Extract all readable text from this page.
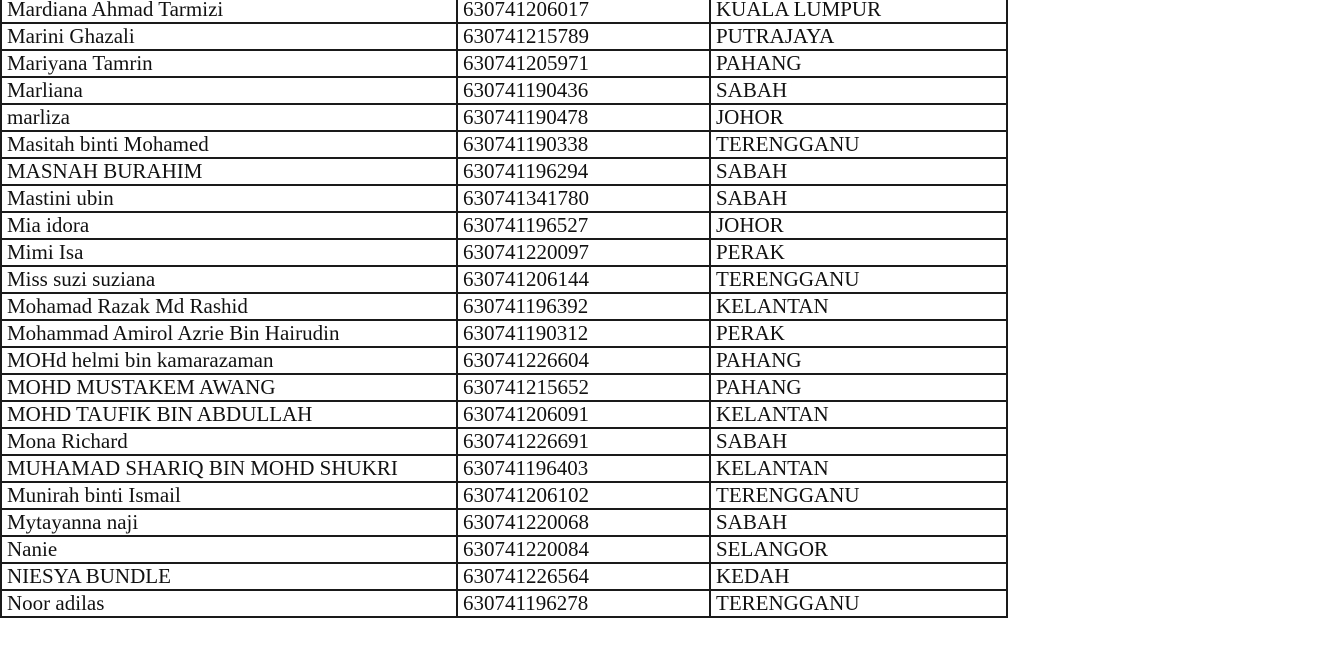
Mardiana Ahmad Tarmizi	630741206017	KUALA LUMPUR
Marini Ghazali	630741215789	PUTRAJAYA
Mariyana Tamrin	630741205971	PAHANG
Marliana	630741190436	SABAH
marliza	630741190478	JOHOR
Masitah binti Mohamed	630741190338	TERENGGANU
MASNAH BURAHIM	630741196294	SABAH
Mastini ubin	630741341780	SABAH
Mia idora	630741196527	JOHOR
Mimi Isa	630741220097	PERAK
Miss suzi suziana	630741206144	TERENGGANU
Mohamad Razak Md Rashid	630741196392	KELANTAN
Mohammad Amirol Azrie Bin Hairudin	630741190312	PERAK
MOHd helmi bin kamarazaman	630741226604	PAHANG
MOHD MUSTAKEM AWANG	630741215652	PAHANG
MOHD TAUFIK BIN ABDULLAH	630741206091	KELANTAN
Mona Richard	630741226691	SABAH
MUHAMAD SHARIQ BIN MOHD SHUKRI	630741196403	KELANTAN
Munirah binti Ismail	630741206102	TERENGGANU
Mytayanna naji	630741220068	SABAH
Nanie	630741220084	SELANGOR
NIESYA BUNDLE	630741226564	KEDAH
Noor adilas	630741196278	TERENGGANU
